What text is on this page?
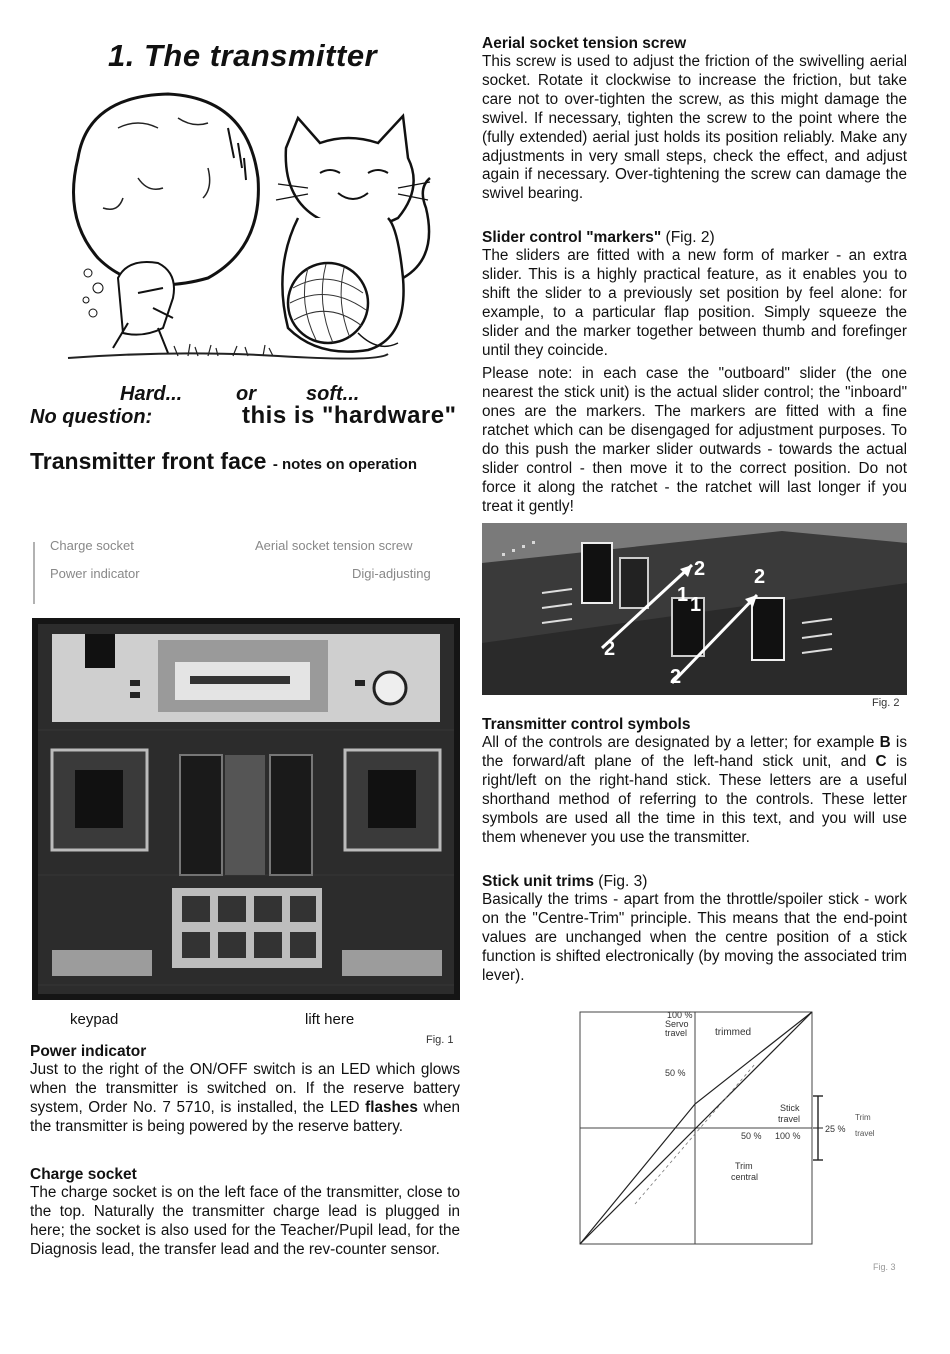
1. The transmitter
Hard...	or	soft...
No question:	this is "hardware"
Transmitter front face - notes on operation
Charge socket
Power indicator
Aerial socket tension screw
Digi-adjusting
keypad	lift here
Fig. 1

Power indicator

Just to the right of the ON/OFF switch is an LED which glows when the transmitter is switched on. If the reserve battery system, Order No. 7 5710, is installed, the LED flashes when the transmitter is being powered by the reserve battery.

Charge socket

The charge socket is on the left face of the transmitter, close to the top. Naturally the transmitter charge lead is plugged in here; the socket is also used for the Teacher/Pupil lead, for the Diagnosis lead, the transfer lead and the rev-counter sensor.

Aerial socket tension screw

This screw is used to adjust the friction of the swivelling aerial socket. Rotate it clockwise to increase the friction, but take care not to over-tighten the screw, as this might damage the swivel. If necessary, tighten the screw to the point where the (fully extended) aerial just holds its position reliably. Make any adjustments in very small steps, check the effect, and adjust again if necessary. Over-tightening the screw can damage the swivel bearing.

Slider control "markers" (Fig. 2)

The sliders are fitted with a new form of marker - an extra slider. This is a highly practical feature, as it enables you to shift the slider to a previously set position by feel alone: for example, to a particular flap position. Simply squeeze the slider and the marker together between thumb and forefinger until they coincide.

Please note: in each case the "outboard" slider (the one nearest the stick unit) is the actual slider control; the "inboard" ones are the markers. The markers are fitted with a fine ratchet which can be disengaged for adjustment purposes. To do this push the marker slider outwards - towards the actual slider control - then move it to the correct position. Do not force it along the ratchet - the ratchet will last longer if you treat it gently!

2 2
1 1
2
2
Fig. 2

Transmitter control symbols

All of the controls are designated by a letter; for example B is the forward/aft plane of the left-hand stick unit, and C is right/left on the right-hand stick. These letters are a useful shorthand method of referring to the controls. These letter symbols are used all the time in this text, and you will use them whenever you use the transmitter.

Stick unit trims (Fig. 3)

Basically the trims - apart from the throttle/spoiler stick - work on the "Centre-Trim" principle. This means that the end-point values are unchanged when the centre position of a stick function is shifted electronically (by moving the associated trim lever).

100 %
Servo
travel	trimmed
50 %
Stick
travel
50 % 100 %
25 %
Trim
travel
Trim
central
Fig. 3
